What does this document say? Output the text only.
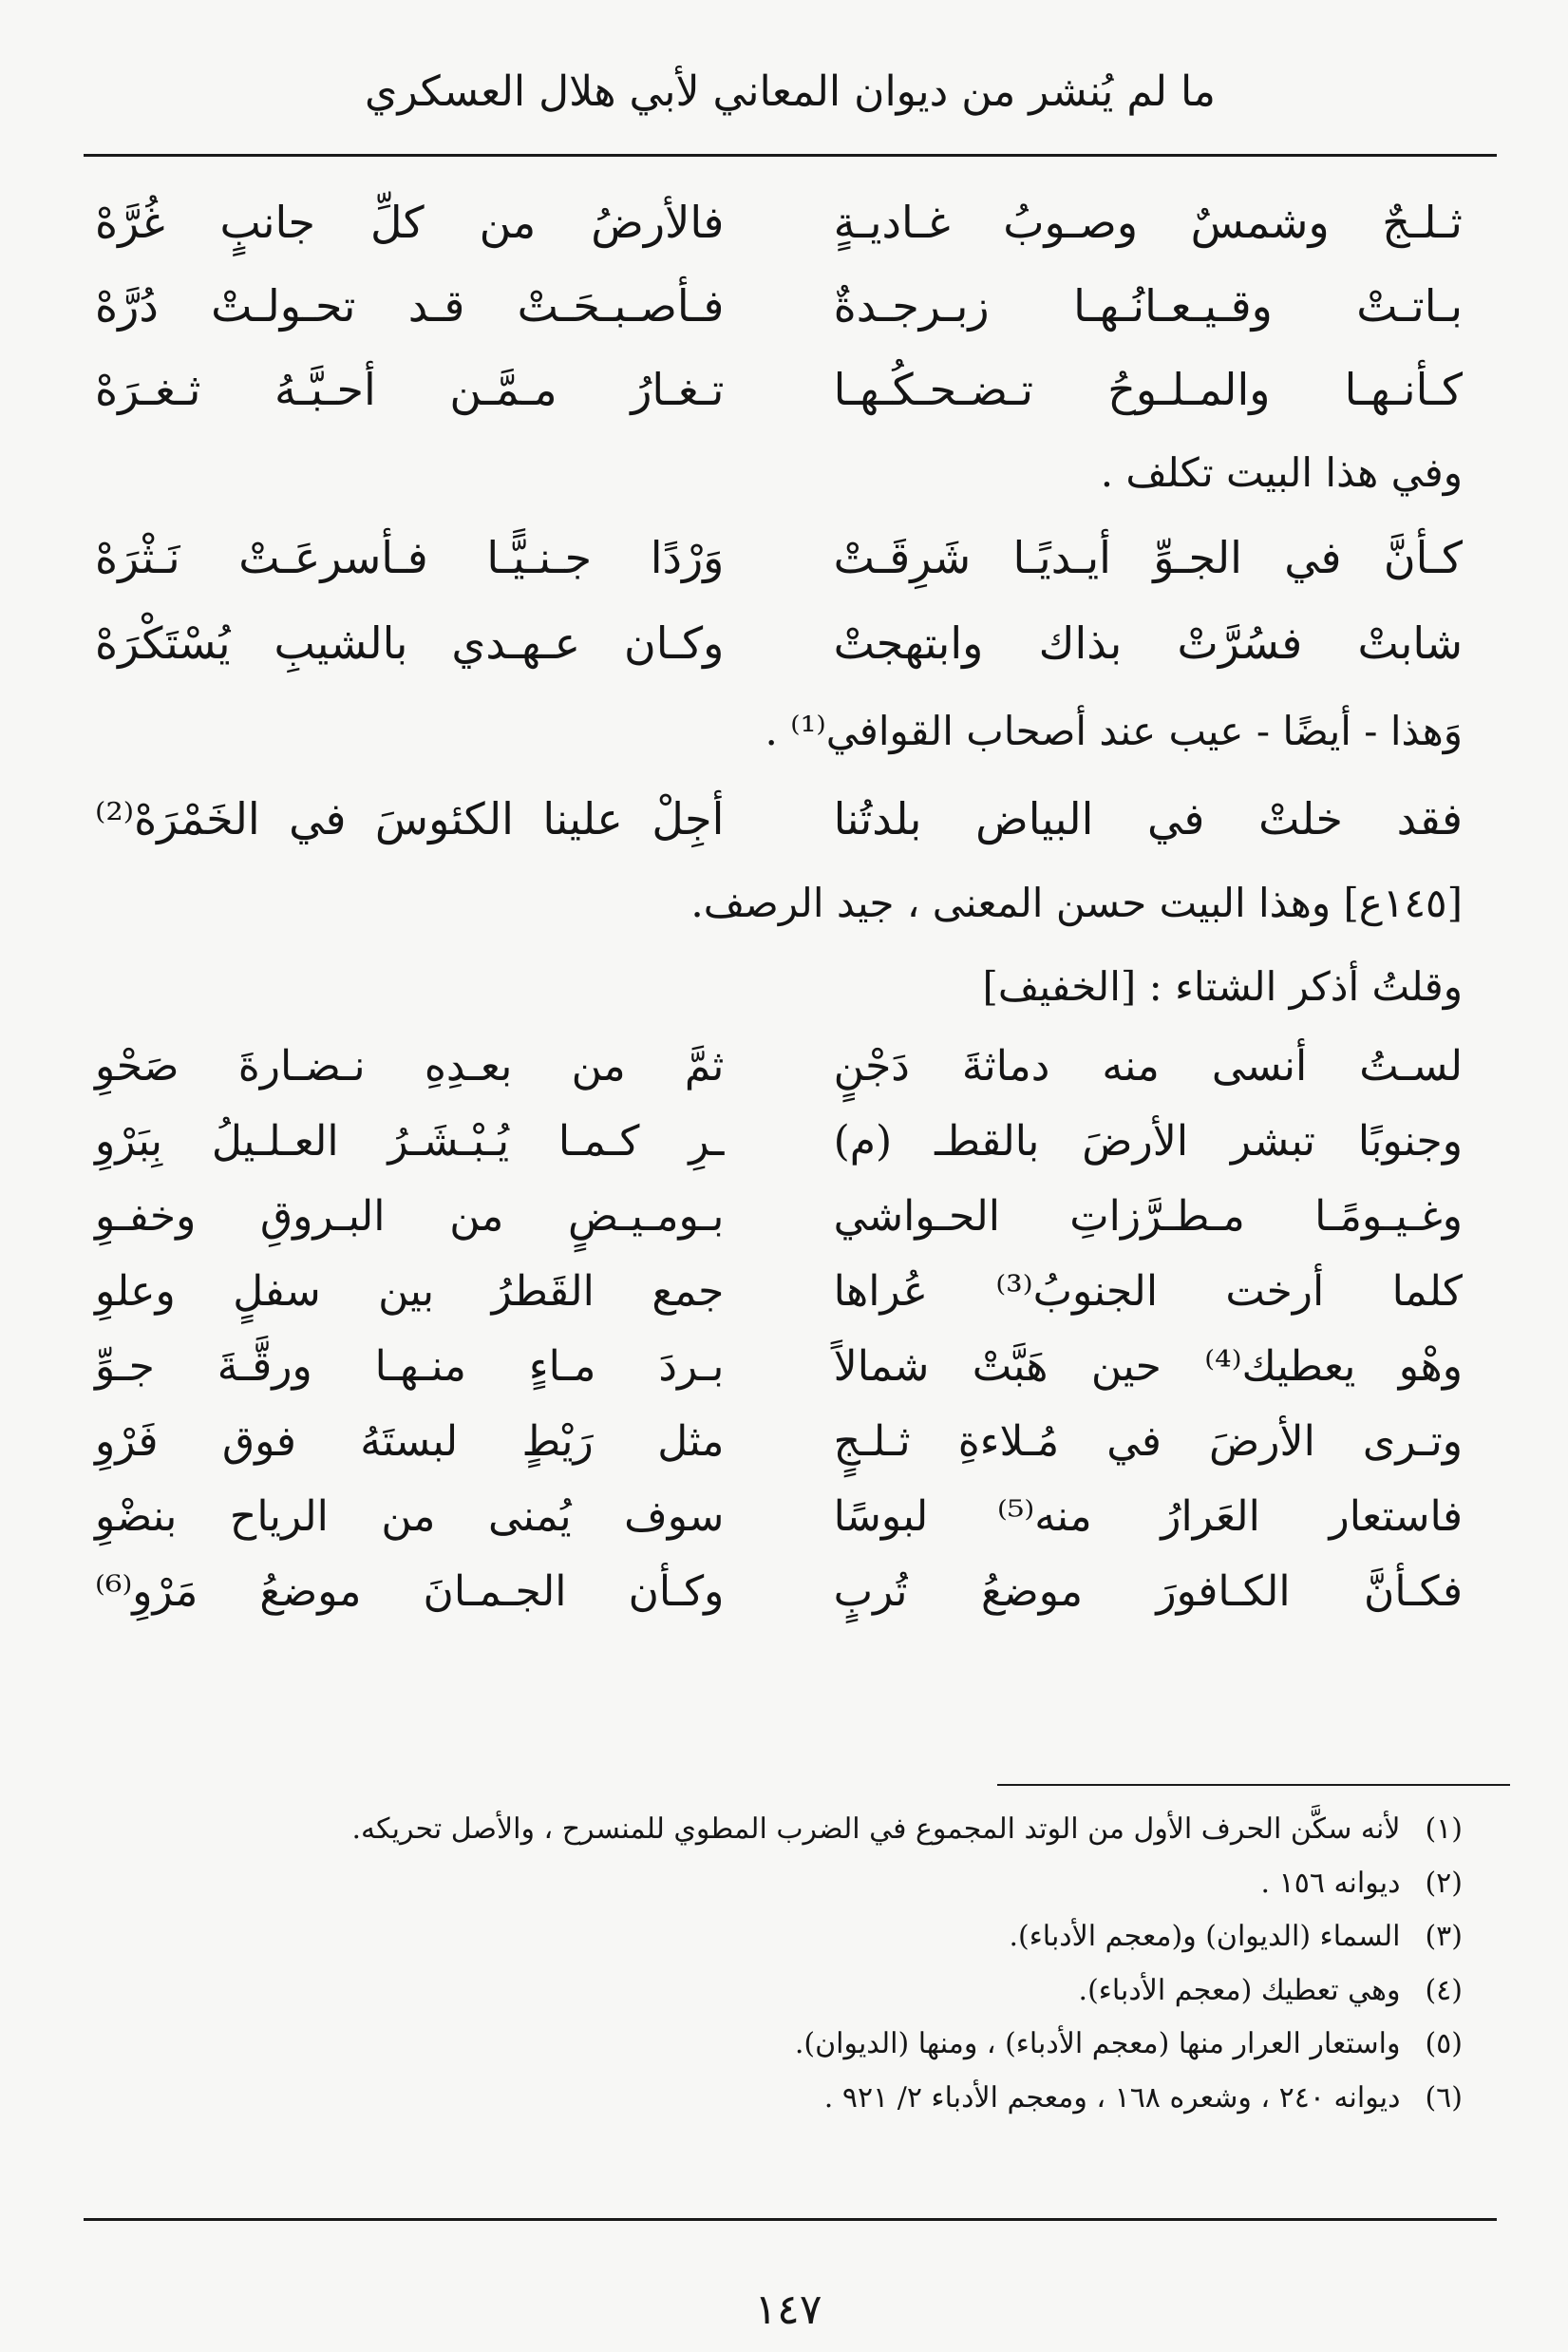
ما لم يُنشر من ديوان المعاني لأبي هلال العسكري
ثـلـجٌ وشمسٌ وصـوبُ غـاديـةٍ
فالأرضُ من كلِّ جانبٍ غُرَّهْ
بـاتـتْ وقـيـعـانُـهـا زبـرجـدةٌ
فـأصـبـحَـتْ قـد تحـولـتْ دُرَّهْ
كـأنـهـا والمـلـوحُ تـضـحـكُـهـا
تـغـارُ مـمَّـن أحـبَّـهُ ثـغـرَهْ

وفي هذا البيت تكلف .

كـأنَّ في الجـوِّ أيـديًـا شَرِقَـتْ
وَرْدًا جـنـيًّـا فـأسرعَـتْ نَـثْرَهْ
شابتْ فسُرَّتْ بذاك وابتهجتْ
وكـان عـهـدي بالشيبِ يُسْتَكْرَهْ

وَهذا - أيضًا - عيب عند أصحاب القوافي⁽¹⁾ .

فقد خلتْ في البياض بلدتُنا
أجِلْ علينا الكئوسَ في الخَمْرَهْ⁽²⁾

[١٤٥ع] وهذا البيت حسن المعنى ، جيد الرصف.

وقلتُ أذكر الشتاء : [الخفيف]

لسـتُ أنسى منه دماثةَ دَجْنٍ
ثمَّ من بعـدِهِ نـضـارةَ صَحْوِ
وجنوبًا تبشر الأرضَ بالقطـ (م)
ـرِ كـمـا يُـبْـشَـرُ العـلـيلُ بِبَرْوِ
وغـيـومًـا مـطـرَّزاتِ الحـواشي
بـومـيـضٍ من البـروقِ وخفـوِ
كلما أرخت الجنوبُ⁽³⁾ عُراها
جمع القَطرُ بين سفلٍ وعلوِ
وهْو يعطيك⁽⁴⁾ حين هَبَّتْ شمالاً
بـردَ مـاءٍ منـهـا ورقَّـةَ جـوِّ
وتـرى الأرضَ في مُـلاءةِ ثـلـجٍ
مثل رَيْطٍ لبستَهُ فوق فَرْوِ
فاستعار العَرارُ منه⁽⁵⁾ لبوسًا
سوف يُمنى من الرياح بنضْوِ
فكـأنَّ الكـافورَ موضعُ تُربٍ
وكـأن الجـمـانَ موضعُ مَرْوِ⁽⁶⁾
(١) لأنه سكَّن الحرف الأول من الوتد المجموع في الضرب المطوي للمنسرح ، والأصل تحريكه.
(٢) ديوانه ١٥٦ .
(٣) السماء (الديوان) و(معجم الأدباء).
(٤) وهي تعطيك (معجم الأدباء).
(٥) واستعار العرار منها (معجم الأدباء) ، ومنها (الديوان).
(٦) ديوانه ٢٤٠ ، وشعره ١٦٨ ، ومعجم الأدباء ٢/ ٩٢١ .
١٤٧
